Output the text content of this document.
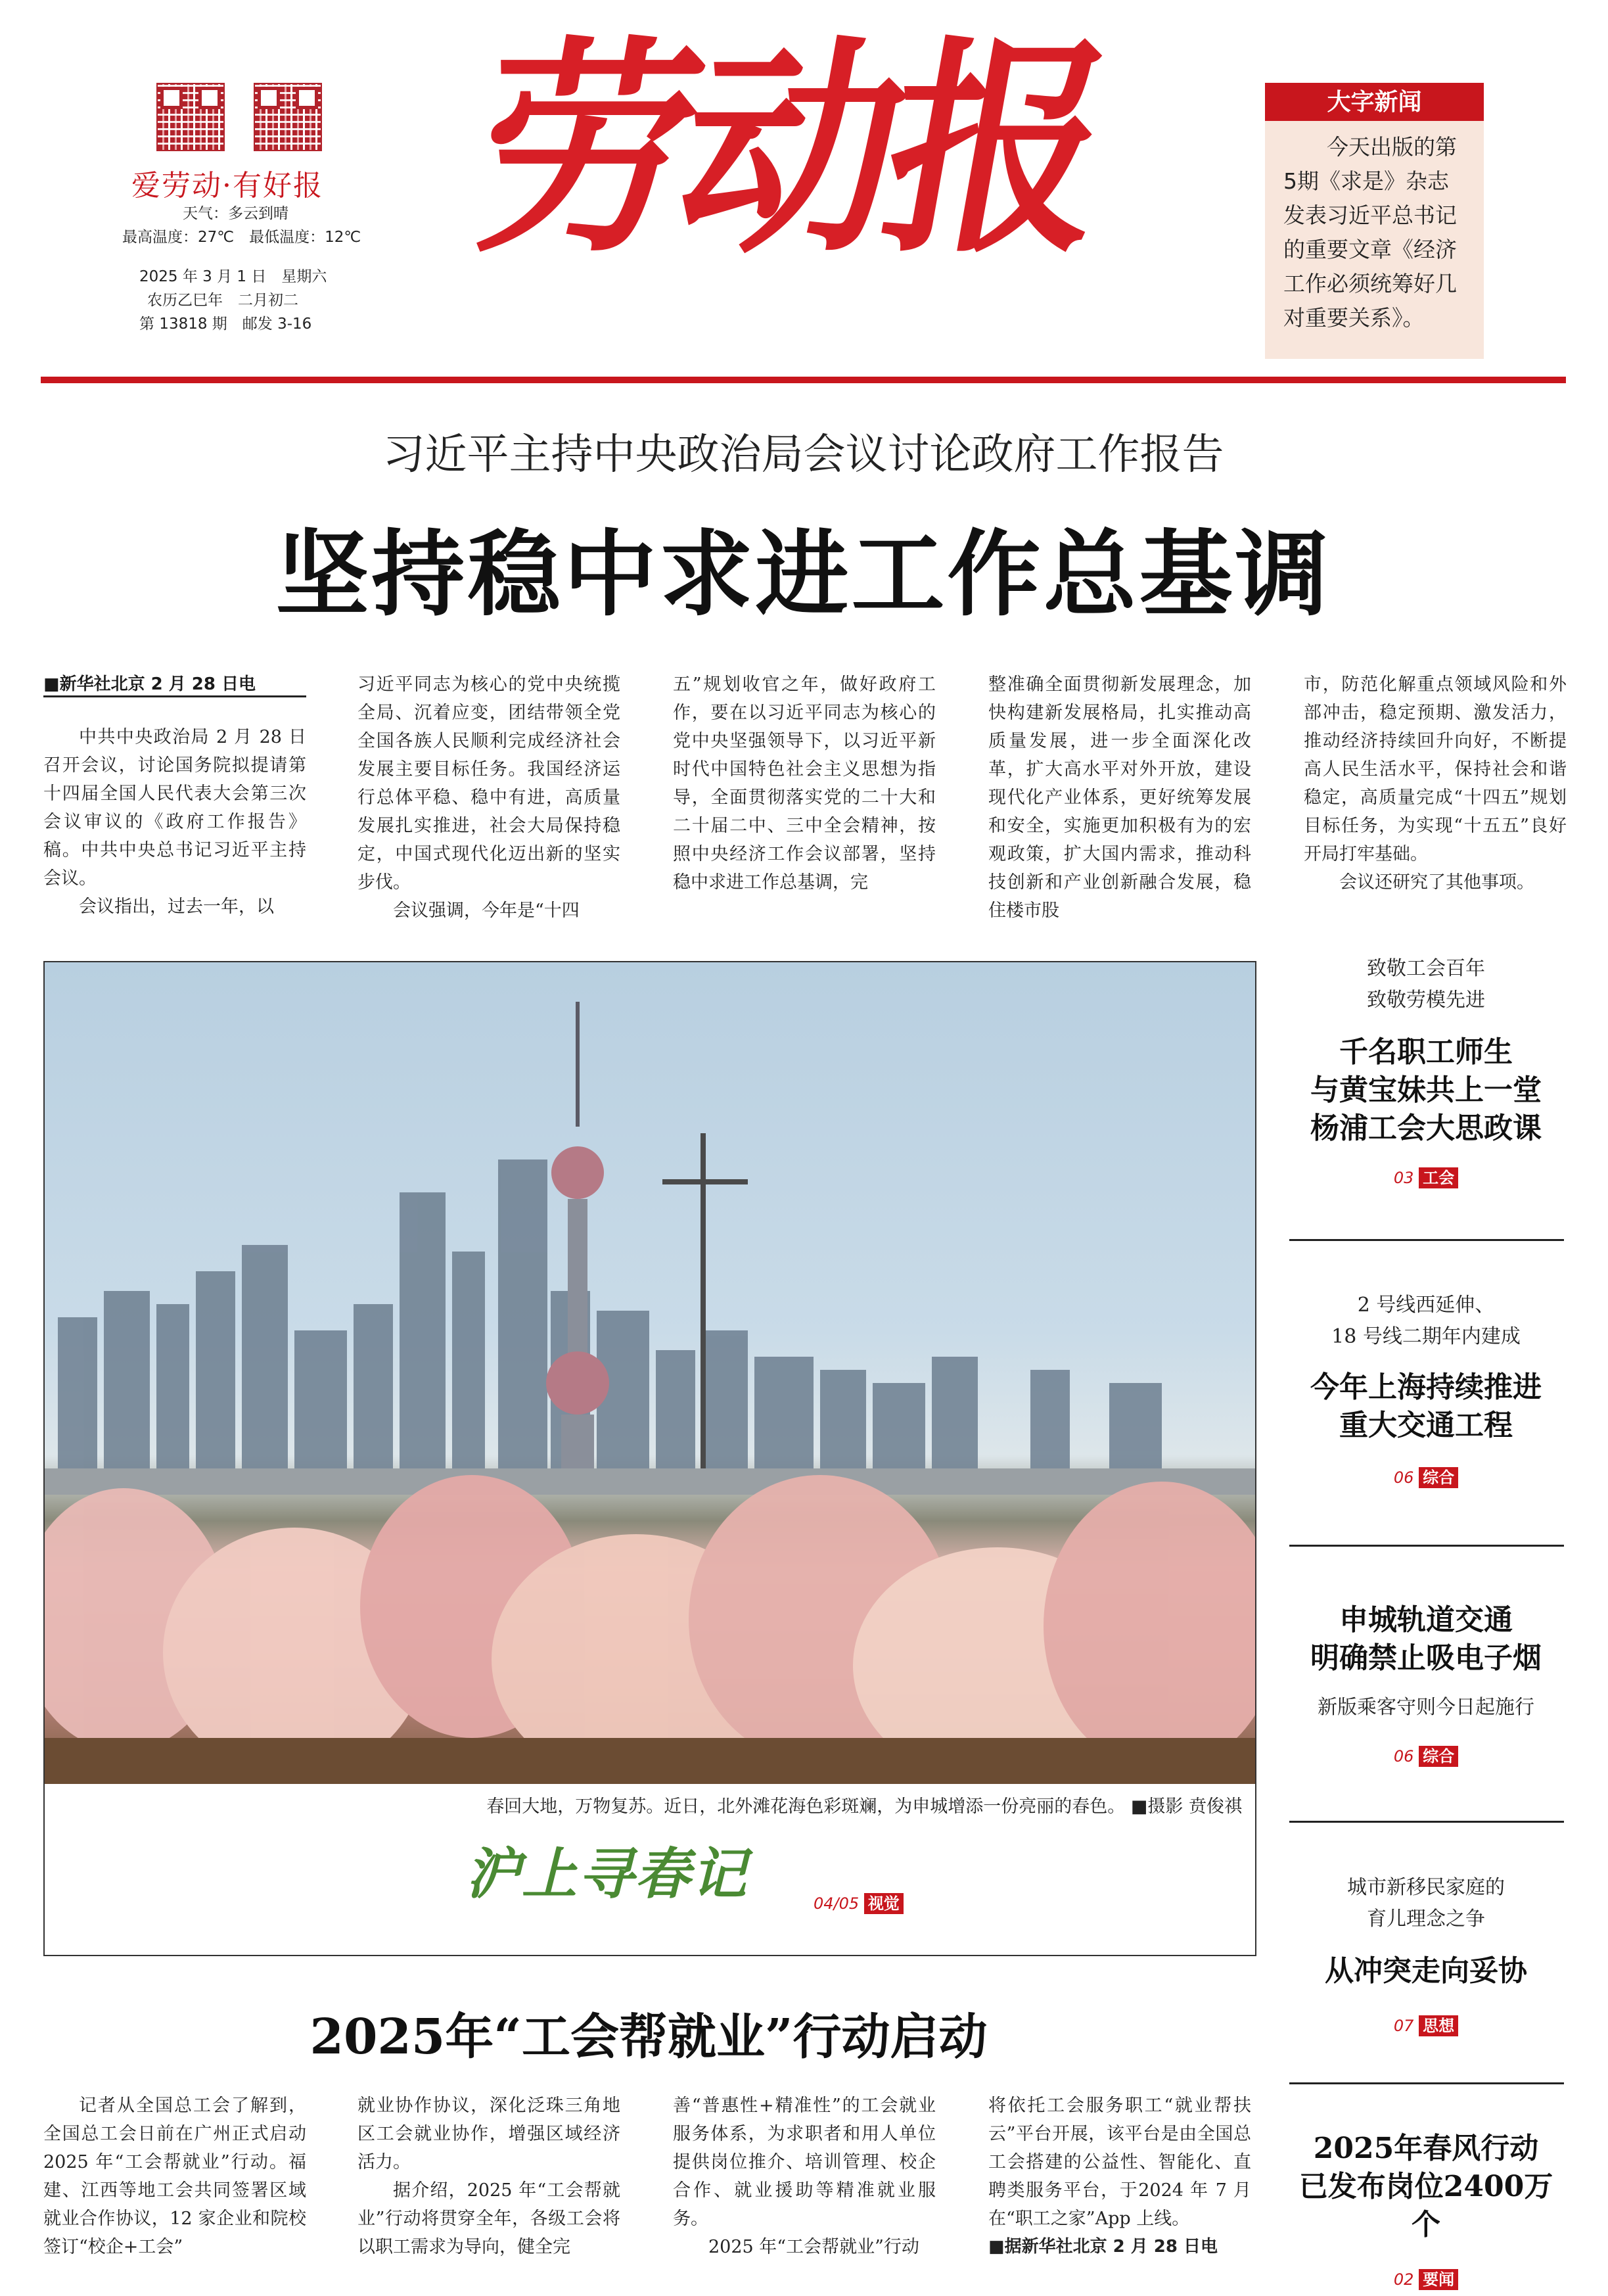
爱劳动·有好报
天气：多云到晴
最高温度：27℃　最低温度：12℃
2025 年 3 月 1 日　星期六
农历乙巳年　二月初二
第 13818 期　邮发 3-16
劳动报	大字新闻
今天出版的第5期《求是》杂志发表习近平总书记的重要文章《经济工作必须统筹好几对重要关系》。
习近平主持中央政治局会议讨论政府工作报告
坚持稳中求进工作总基调
■新华社北京 2 月 28 日电

中共中央政治局 2 月 28 日召开会议，讨论国务院拟提请第十四届全国人民代表大会第三次会议审议的《政府工作报告》稿。中共中央总书记习近平主持会议。

会议指出，过去一年，以

习近平同志为核心的党中央统揽全局、沉着应变，团结带领全党全国各族人民顺利完成经济社会发展主要目标任务。我国经济运行总体平稳、稳中有进，高质量发展扎实推进，社会大局保持稳定，中国式现代化迈出新的坚实步伐。

会议强调，今年是“十四

五”规划收官之年，做好政府工作，要在以习近平同志为核心的党中央坚强领导下，以习近平新时代中国特色社会主义思想为指导，全面贯彻落实党的二十大和二十届二中、三中全会精神，按照中央经济工作会议部署，坚持稳中求进工作总基调，完

整准确全面贯彻新发展理念，加快构建新发展格局，扎实推动高质量发展，进一步全面深化改革，扩大高水平对外开放，建设现代化产业体系，更好统筹发展和安全，实施更加积极有为的宏观政策，扩大国内需求，推动科技创新和产业创新融合发展，稳住楼市股

市，防范化解重点领域风险和外部冲击，稳定预期、激发活力，推动经济持续回升向好，不断提高人民生活水平，保持社会和谐稳定，高质量完成“十四五”规划目标任务，为实现“十五五”良好开局打牢基础。

会议还研究了其他事项。

春回大地，万物复苏。近日，北外滩花海色彩斑斓，为申城增添一份亮丽的春色。 ■摄影 贲俊祺
沪上寻春记	04/05 视觉
致敬工会百年
致敬劳模先进
千名职工师生
与黄宝妹共上一堂
杨浦工会大思政课
03 工会
2 号线西延伸、
18 号线二期年内建成
今年上海持续推进
重大交通工程
06 综合
申城轨道交通
明确禁止吸电子烟
新版乘客守则今日起施行
06 综合
城市新移民家庭的
育儿理念之争
从冲突走向妥协
07 思想
2025年春风行动
已发布岗位2400万个
02 要闻
2025年“工会帮就业”行动启动

记者从全国总工会了解到，全国总工会日前在广州正式启动 2025 年“工会帮就业”行动。福建、江西等地工会共同签署区域就业合作协议，12 家企业和院校签订“校企+工会”

就业协作协议，深化泛珠三角地区工会就业协作，增强区域经济活力。

据介绍，2025 年“工会帮就业”行动将贯穿全年，各级工会将以职工需求为导向，健全完

善“普惠性+精准性”的工会就业服务体系，为求职者和用人单位提供岗位推介、培训管理、校企合作、就业援助等精准就业服务。

2025 年“工会帮就业”行动

将依托工会服务职工“就业帮扶云”平台开展，该平台是由全国总工会搭建的公益性、智能化、直聘类服务平台，于2024 年 7 月在“职工之家”App 上线。

■据新华社北京 2 月 28 日电
